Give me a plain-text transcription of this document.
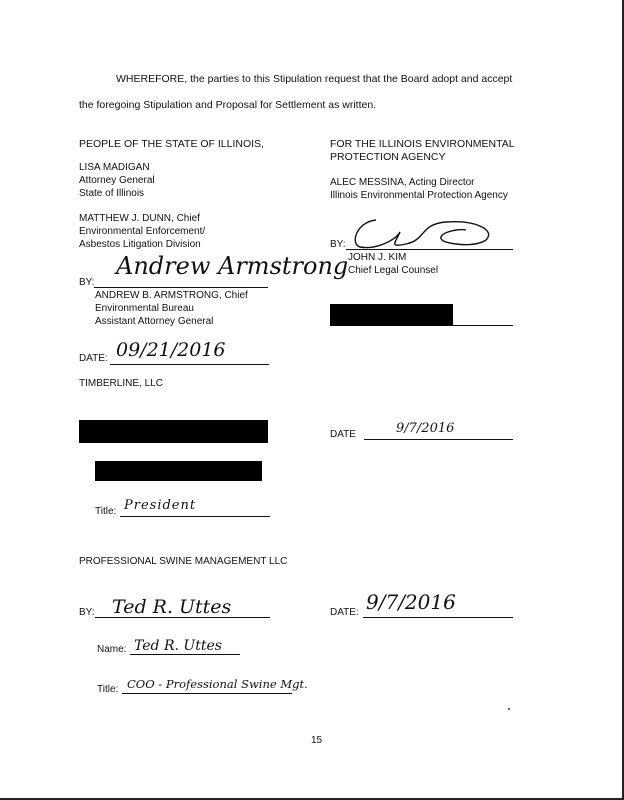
WHEREFORE, the parties to this Stipulation request that the Board adopt and accept
the foregoing Stipulation and Proposal for Settlement as written.
PEOPLE OF THE STATE OF ILLINOIS,
LISA MADIGAN
Attorney General
State of Illinois
MATTHEW J. DUNN, Chief
Environmental Enforcement/
Asbestos Litigation Division
BY:
Andrew Armstrong
ANDREW B. ARMSTRONG, Chief
Environmental Bureau
Assistant Attorney General
DATE: 09/21/2016
FOR THE ILLINOIS ENVIRONMENTAL
PROTECTION AGENCY
ALEC MESSINA, Acting Director
Illinois Environmental Protection Agency
BY:
JOHN J. KIM
Chief Legal Counsel
TIMBERLINE, LLC
DATE	9/7/2016
Title: President
PROFESSIONAL SWINE MANAGEMENT LLC
BY: Ted R. Uttes	DATE: 9/7/2016
Name: Ted R. Uttes
Title: COO - Professional Swine Mgt.
15
